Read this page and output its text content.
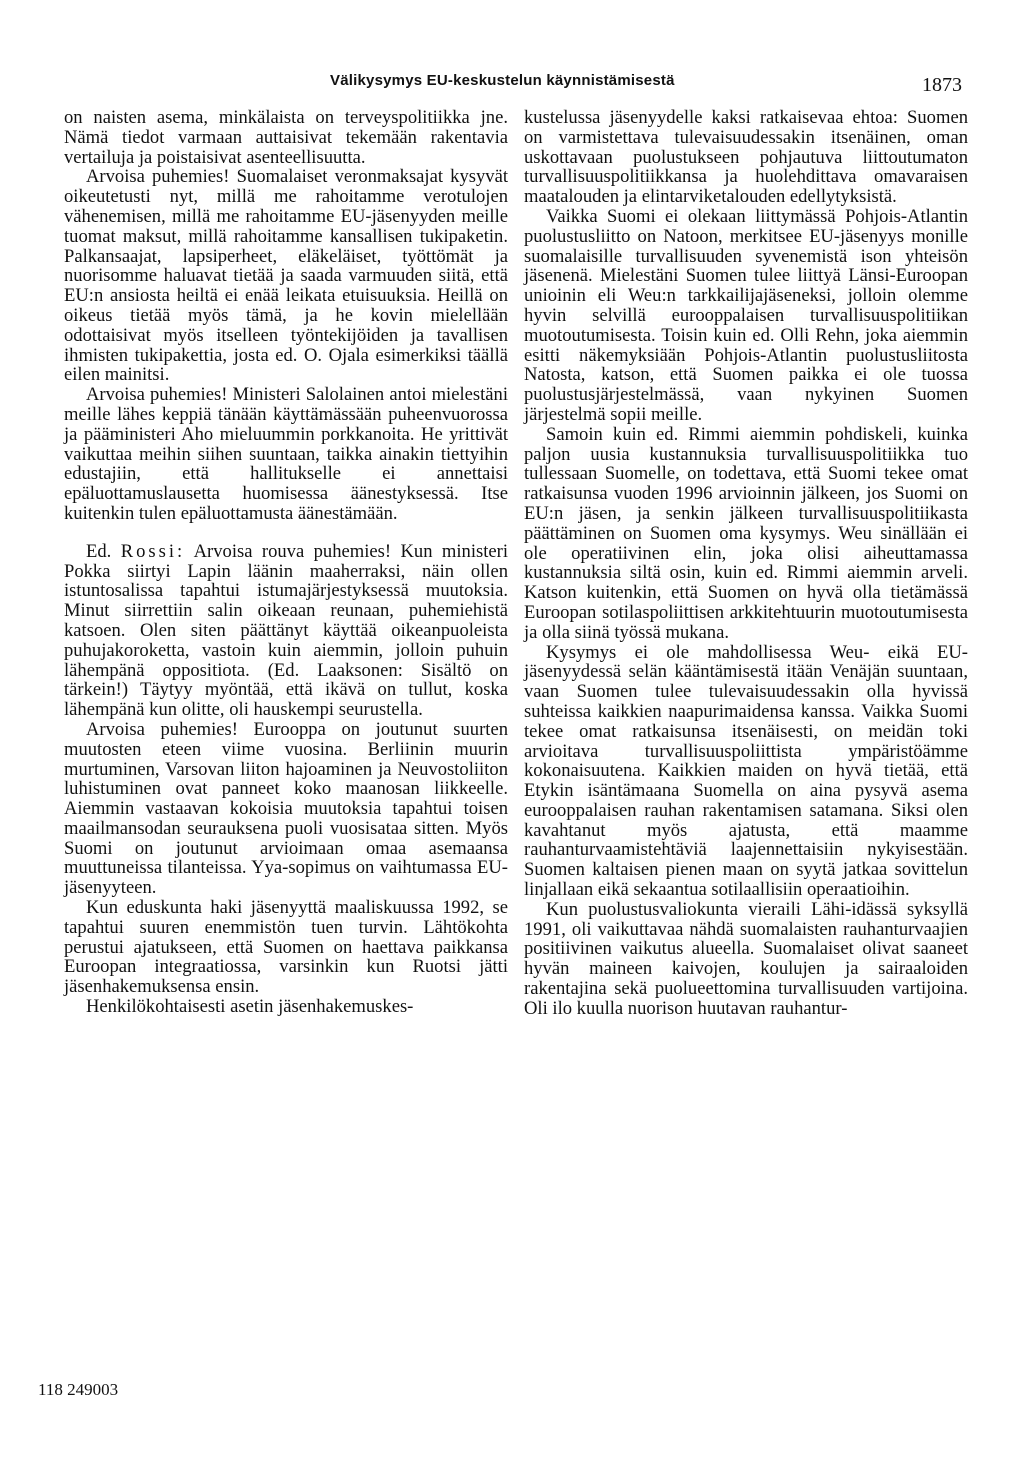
Välikysymys EU-keskustelun käynnistämisestä	1873

on naisten asema, minkälaista on terveyspolitiikka jne. Nämä tiedot varmaan auttaisivat tekemään rakentavia vertailuja ja poistaisivat asenteellisuutta.

Arvoisa puhemies! Suomalaiset veronmaksajat kysyvät oikeutetusti nyt, millä me rahoitamme verotulojen vähenemisen, millä me rahoitamme EU-jäsenyyden meille tuomat maksut, millä rahoitamme kansallisen tukipaketin. Palkansaajat, lapsiperheet, eläkeläiset, työttömät ja nuorisomme haluavat tietää ja saada varmuuden siitä, että EU:n ansiosta heiltä ei enää leikata etuisuuksia. Heillä on oikeus tietää myös tämä, ja he kovin mielellään odottaisivat myös itselleen työntekijöiden ja tavallisen ihmisten tukipakettia, josta ed. O. Ojala esimerkiksi täällä eilen mainitsi.

Arvoisa puhemies! Ministeri Salolainen antoi mielestäni meille lähes keppiä tänään käyttämässään puheenvuorossa ja pääministeri Aho mieluummin porkkanoita. He yrittivät vaikuttaa meihin siihen suuntaan, taikka ainakin tiettyihin edustajiin, että hallitukselle ei annettaisi epäluottamuslausetta huomisessa äänestyksessä. Itse kuitenkin tulen epäluottamusta äänestämään.

Ed. Rossi: Arvoisa rouva puhemies! Kun ministeri Pokka siirtyi Lapin läänin maaherraksi, näin ollen istuntosalissa tapahtui istumajärjestyksessä muutoksia. Minut siirrettiin salin oikeaan reunaan, puhemiehistä katsoen. Olen siten päättänyt käyttää oikeanpuoleista puhujakoroketta, vastoin kuin aiemmin, jolloin puhuin lähempänä oppositiota. (Ed. Laaksonen: Sisältö on tärkein!) Täytyy myöntää, että ikävä on tullut, koska lähempänä kun olitte, oli hauskempi seurustella.

Arvoisa puhemies! Eurooppa on joutunut suurten muutosten eteen viime vuosina. Berliinin muurin murtuminen, Varsovan liiton hajoaminen ja Neuvostoliiton luhistuminen ovat panneet koko maanosan liikkeelle. Aiemmin vastaavan kokoisia muutoksia tapahtui toisen maailmansodan seurauksena puoli vuosisataa sitten. Myös Suomi on joutunut arvioimaan omaa asemaansa muuttuneissa tilanteissa. Yya-sopimus on vaihtumassa EU-jäsenyyteen.

Kun eduskunta haki jäsenyyttä maaliskuussa 1992, se tapahtui suuren enemmistön tuen turvin. Lähtökohta perustui ajatukseen, että Suomen on haettava paikkansa Euroopan integraatiossa, varsinkin kun Ruotsi jätti jäsenhakemuksensa ensin.

Henkilökohtaisesti asetin jäsenhakemuskes-

kustelussa jäsenyydelle kaksi ratkaisevaa ehtoa: Suomen on varmistettava tulevaisuudessakin itsenäinen, oman uskottavaan puolustukseen pohjautuva liittoutumaton turvallisuuspolitiikkansa ja huolehdittava omavaraisen maatalouden ja elintarviketalouden edellytyksistä.

Vaikka Suomi ei olekaan liittymässä Pohjois-Atlantin puolustusliitto on Natoon, merkitsee EU-jäsenyys monille suomalaisille turvallisuuden syvenemistä ison yhteisön jäsenenä. Mielestäni Suomen tulee liittyä Länsi-Euroopan unioinin eli Weu:n tarkkailijajäseneksi, jolloin olemme hyvin selvillä eurooppalaisen turvallisuuspolitiikan muotoutumisesta. Toisin kuin ed. Olli Rehn, joka aiemmin esitti näkemyksiään Pohjois-Atlantin puolustusliitosta Natosta, katson, että Suomen paikka ei ole tuossa puolustusjärjestelmässä, vaan nykyinen Suomen järjestelmä sopii meille.

Samoin kuin ed. Rimmi aiemmin pohdiskeli, kuinka paljon uusia kustannuksia turvallisuuspolitiikka tuo tullessaan Suomelle, on todettava, että Suomi tekee omat ratkaisunsa vuoden 1996 arvioinnin jälkeen, jos Suomi on EU:n jäsen, ja senkin jälkeen turvallisuuspolitiikasta päättäminen on Suomen oma kysymys. Weu sinällään ei ole operatiivinen elin, joka olisi aiheuttamassa kustannuksia siltä osin, kuin ed. Rimmi aiemmin arveli. Katson kuitenkin, että Suomen on hyvä olla tietämässä Euroopan sotilaspoliittisen arkkitehtuurin muotoutumisesta ja olla siinä työssä mukana.

Kysymys ei ole mahdollisessa Weu- eikä EU-jäsenyydessä selän kääntämisestä itään Venäjän suuntaan, vaan Suomen tulee tulevaisuudessakin olla hyvissä suhteissa kaikkien naapurimaidensa kanssa. Vaikka Suomi tekee omat ratkaisunsa itsenäisesti, on meidän toki arvioitava turvallisuuspoliittista ympäristöämme kokonaisuutena. Kaikkien maiden on hyvä tietää, että Etykin isäntämaana Suomella on aina pysyvä asema eurooppalaisen rauhan rakentamisen satamana. Siksi olen kavahtanut myös ajatusta, että maamme rauhanturvaamistehtäviä laajennettaisiin nykyisestään. Suomen kaltaisen pienen maan on syytä jatkaa sovittelun linjallaan eikä sekaantua sotilaallisiin operaatioihin.

Kun puolustusvaliokunta vieraili Lähi-idässä syksyllä 1991, oli vaikuttavaa nähdä suomalaisten rauhanturvaajien positiivinen vaikutus alueella. Suomalaiset olivat saaneet hyvän maineen kaivojen, koulujen ja sairaaloiden rakentajina sekä puolueettomina turvallisuuden vartijoina. Oli ilo kuulla nuorison huutavan rauhantur-

118 249003
